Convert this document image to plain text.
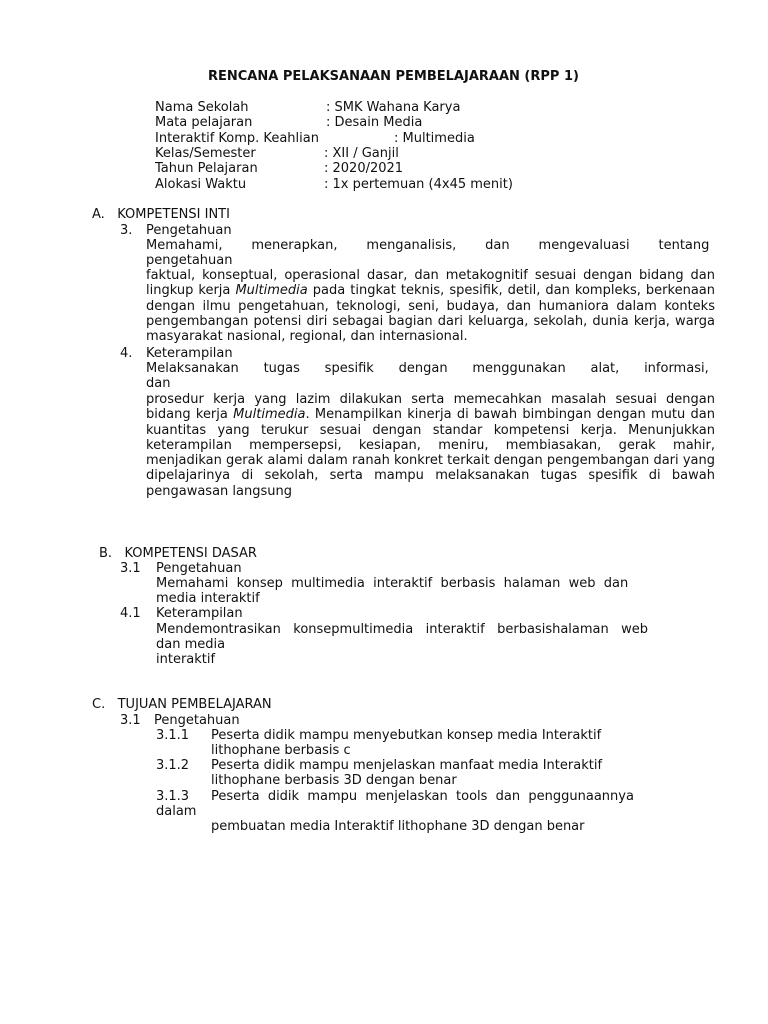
RENCANA PELAKSANAAN PEMBELAJARAAN (RPP 1)
Nama Sekolah	: SMK Wahana Karya
Mata pelajaran	: Desain Media
Interaktif Komp. Keahlian	: Multimedia
Kelas/Semester	: XII / Ganjil
Tahun Pelajaran	: 2020/2021
Alokasi Waktu	: 1x pertemuan (4x45 menit)
A.   KOMPETENSI INTI
3. Pengetahuan
Memahami,       menerapkan,       menganalisis,       dan       mengevaluasi       tentang
pengetahuan
faktual, konseptual, operasional dasar, dan metakognitif sesuai dengan bidang dan lingkup kerja Multimedia pada tingkat teknis, spesifik, detil, dan kompleks, berkenaan dengan ilmu pengetahuan, teknologi, seni, budaya, dan humaniora dalam konteks pengembangan potensi diri sebagai bagian dari keluarga, sekolah, dunia kerja, warga masyarakat nasional, regional, dan internasional.
4. Keterampilan
Melaksanakan      tugas      spesifik      dengan      menggunakan      alat,      informasi,
dan
prosedur kerja yang lazim dilakukan serta memecahkan masalah sesuai dengan bidang kerja Multimedia. Menampilkan kinerja di bawah bimbingan dengan mutu dan kuantitas yang terukur sesuai dengan standar kompetensi kerja. Menunjukkan keterampilan mempersepsi, kesiapan, meniru, membiasakan, gerak mahir, menjadikan gerak alami dalam ranah konkret terkait dengan pengembangan dari yang dipelajarinya di sekolah, serta mampu melaksanakan tugas spesifik di bawah pengawasan langsung
B.   KOMPETENSI DASAR
3.1 Pengetahuan
Memahami  konsep  multimedia  interaktif  berbasis  halaman  web  dan
media interaktif
4.1 Keterampilan
Mendemontrasikan   konsepmultimedia   interaktif   berbasishalaman   web
dan media
interaktif
C.   TUJUAN PEMBELAJARAN
3.1 Pengetahuan
3.1.1 Peserta didik mampu menyebutkan konsep media Interaktif
lithophane berbasis c
3.1.2 Peserta didik mampu menjelaskan manfaat media Interaktif
lithophane berbasis 3D dengan benar
3.1.3 Peserta  didik  mampu  menjelaskan  tools  dan  penggunaannya
dalam
pembuatan media Interaktif lithophane 3D dengan benar
